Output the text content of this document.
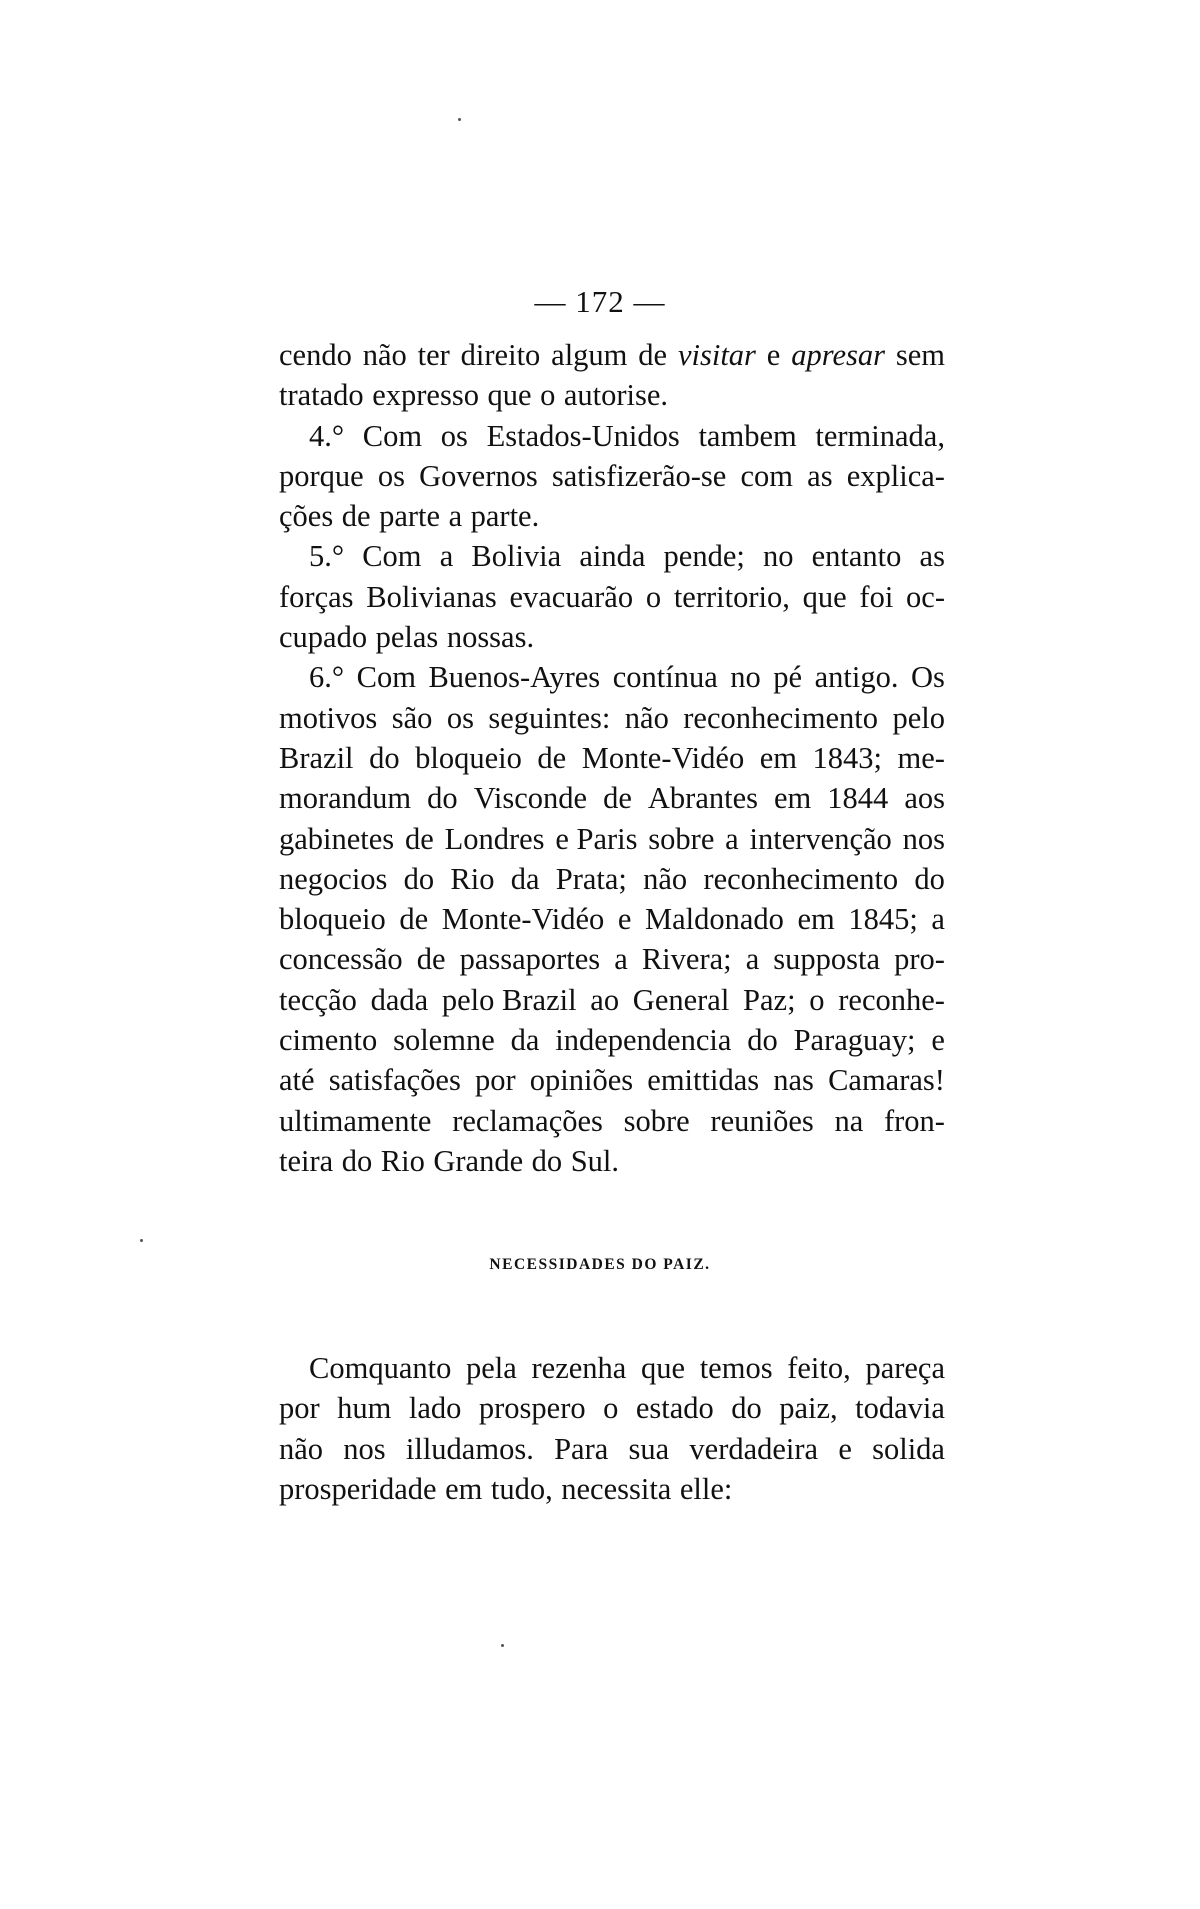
— 172 —
cendo não ter direito algum de visitar e apresar sem
tratado expresso que o autorise.
4.° Com os Estados-Unidos tambem terminada,
porque os Governos satisfizerão-se com as explica-
ções de parte a parte.
5.° Com a Bolivia ainda pende; no entanto as
forças Bolivianas evacuarão o territorio, que foi oc-
cupado pelas nossas.
6.° Com Buenos-Ayres contínua no pé antigo. Os
motivos são os seguintes: não reconhecimento pelo
Brazil do bloqueio de Monte-Vidéo em 1843; me-
morandum do Visconde de Abrantes em 1844 aos
gabinetes de Londres e Paris sobre a intervenção nos
negocios do Rio da Prata; não reconhecimento do
bloqueio de Monte-Vidéo e Maldonado em 1845; a
concessão de passaportes a Rivera; a supposta pro-
tecção dada pelo Brazil ao General Paz; o reconhe-
cimento solemne da independencia do Paraguay; e
até satisfações por opiniões emittidas nas Camaras!
ultimamente reclamações sobre reuniões na fron-
teira do Rio Grande do Sul.
NECESSIDADES DO PAIZ.
Comquanto pela rezenha que temos feito, pareça
por hum lado prospero o estado do paiz, todavia
não nos illudamos. Para sua verdadeira e solida
prosperidade em tudo, necessita elle:
